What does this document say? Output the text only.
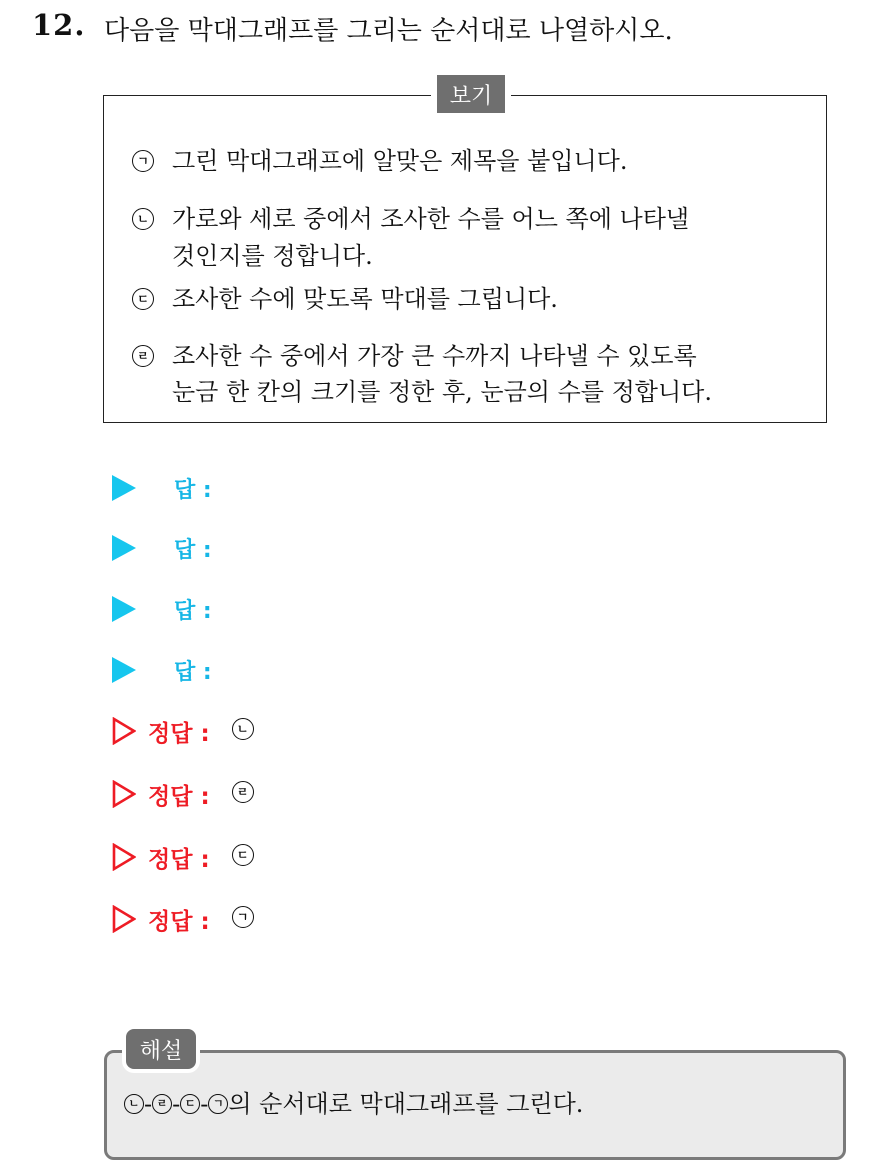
12. 다음을 막대그래프를 그리는 순서대로 나열하시오.
ㄱ 그린 막대그래프에 알맞은 제목을 붙입니다.
ㄴ 가로와 세로 중에서 조사한 수를 어느 쪽에 나타낼
것인지를 정합니다.
ㄷ 조사한 수에 맞도록 막대를 그립니다.
ㄹ 조사한 수 중에서 가장 큰 수까지 나타낼 수 있도록
눈금 한 칸의 크기를 정한 후, 눈금의 수를 정합니다.
보기
답 :
답 :
답 :
답 :
정답 :	ㄴ
정답 :	ㄹ
정답 :	ㄷ
정답 :	ㄱ
해설
ㄴ - ㄹ - ㄷ - ㄱ 의 순서대로 막대그래프를 그린다.
